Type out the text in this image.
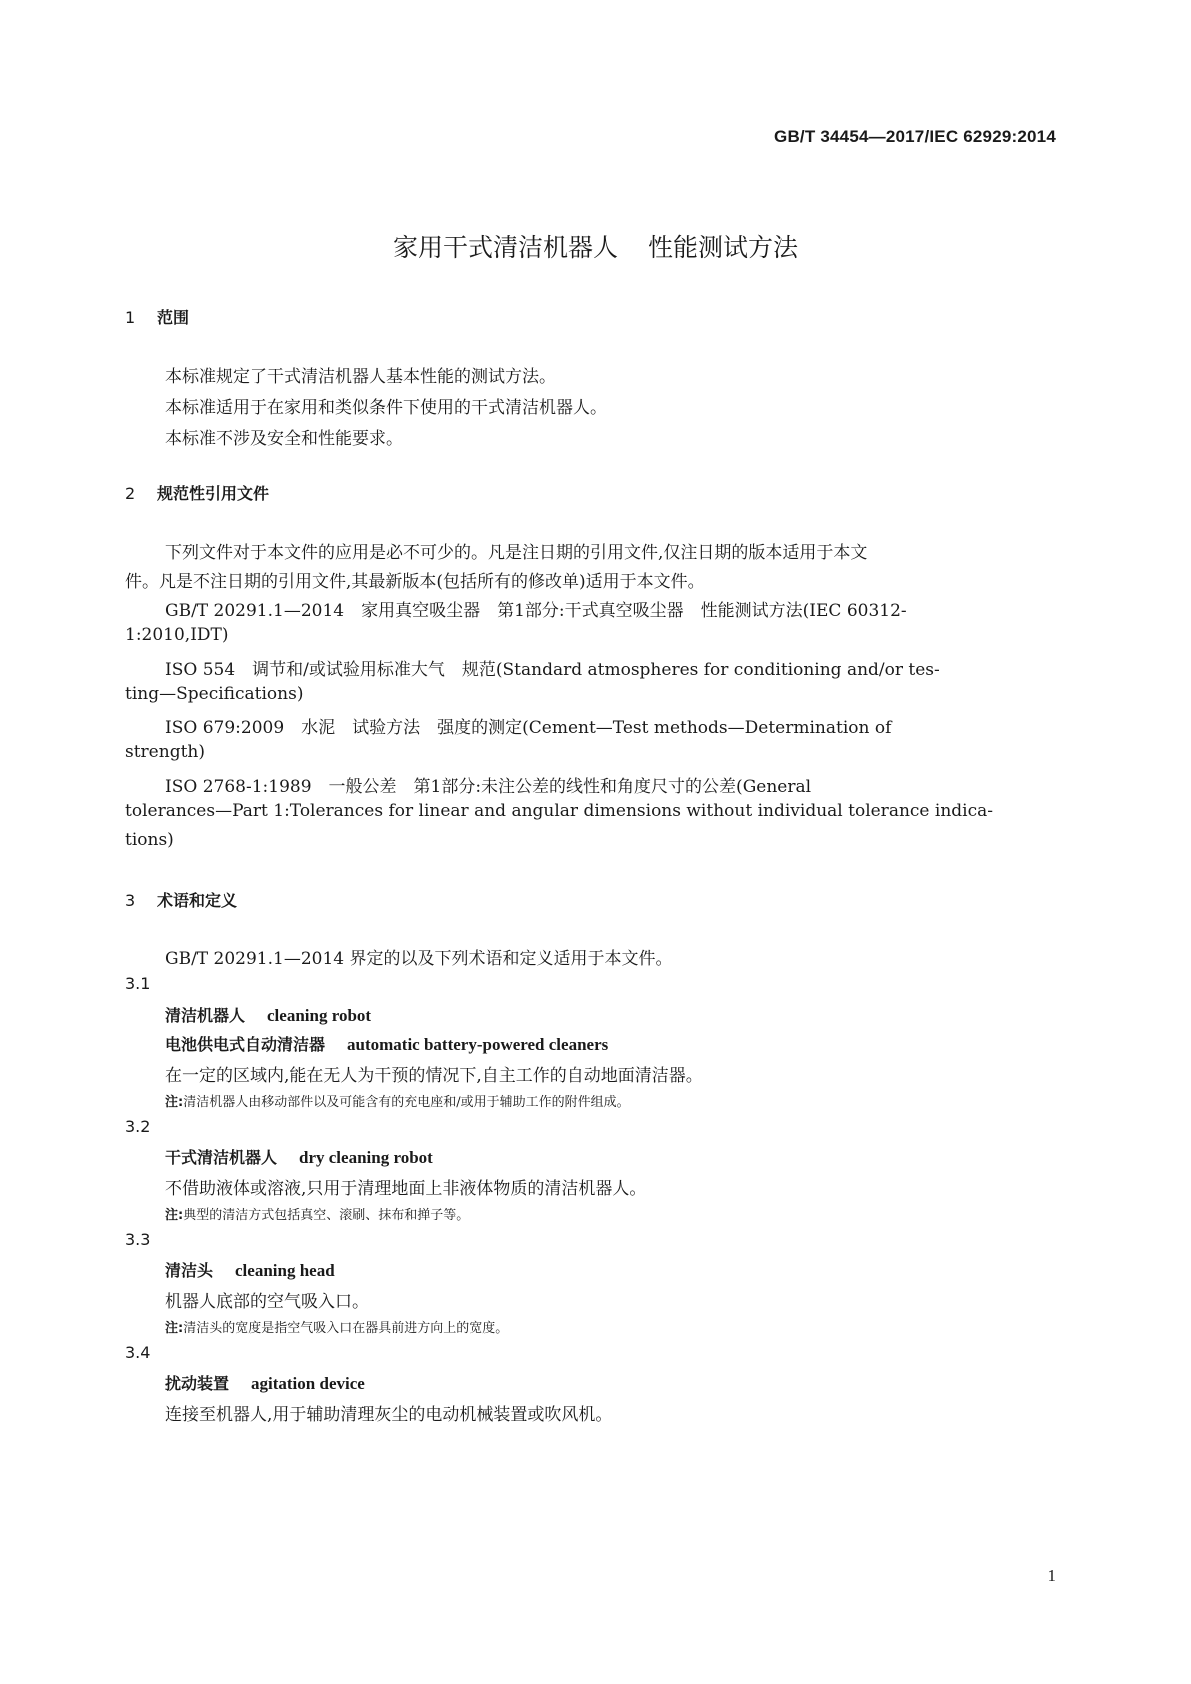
GB/T 34454—2017/IEC 62929:2014
家用干式清洁机器人 性能测试方法
1 范围
本标准规定了干式清洁机器人基本性能的测试方法。
本标准适用于在家用和类似条件下使用的干式清洁机器人。
本标准不涉及安全和性能要求。
2 规范性引用文件
下列文件对于本文件的应用是必不可少的。凡是注日期的引用文件,仅注日期的版本适用于本文
件。凡是不注日期的引用文件,其最新版本(包括所有的修改单)适用于本文件。
GB/T 20291.1—2014　家用真空吸尘器　第1部分:干式真空吸尘器　性能测试方法(IEC 60312-
1:2010,IDT)
ISO 554　调节和/或试验用标准大气　规范(Standard atmospheres for conditioning and/or tes-
ting—Specifications)
ISO 679:2009　水泥　试验方法　强度的测定(Cement—Test methods—Determination of
strength)
ISO 2768-1:1989　一般公差　第1部分:未注公差的线性和角度尺寸的公差(General
tolerances—Part 1:Tolerances for linear and angular dimensions without individual tolerance indica-
tions)
3 术语和定义
GB/T 20291.1—2014 界定的以及下列术语和定义适用于本文件。
3.1
清洁机器人 cleaning robot
电池供电式自动清洁器 automatic battery-powered cleaners
在一定的区域内,能在无人为干预的情况下,自主工作的自动地面清洁器。
注:清洁机器人由移动部件以及可能含有的充电座和/或用于辅助工作的附件组成。
3.2
干式清洁机器人 dry cleaning robot
不借助液体或溶液,只用于清理地面上非液体物质的清洁机器人。
注:典型的清洁方式包括真空、滚刷、抹布和掸子等。
3.3
清洁头 cleaning head
机器人底部的空气吸入口。
注:清洁头的宽度是指空气吸入口在器具前进方向上的宽度。
3.4
扰动装置 agitation device
连接至机器人,用于辅助清理灰尘的电动机械装置或吹风机。
1
